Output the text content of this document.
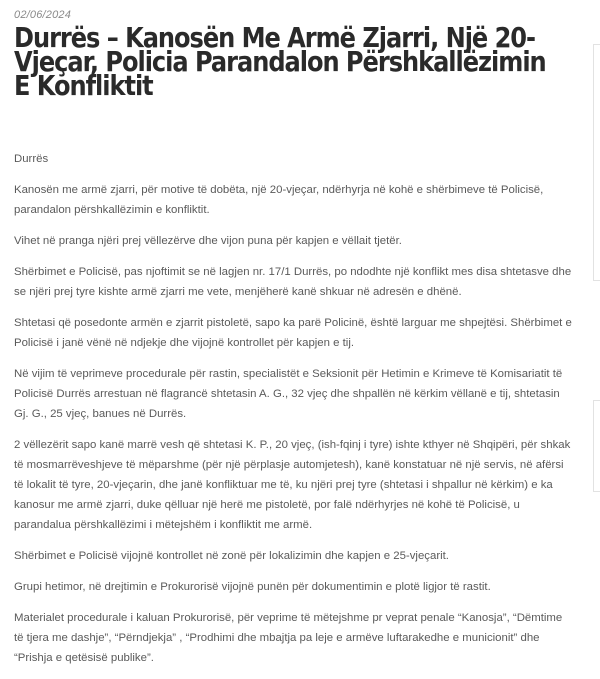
02/06/2024
Durrës – Kanosën Me Armë Zjarri, Një 20-
Vjeçar, Policia Parandalon Përshkallëzimin
E Konfliktit

Durrës

Kanosën me armë zjarri, për motive të dobëta, një 20-vjeçar, ndërhyrja në kohë e shërbimeve të Policisë, parandalon përshkallëzimin e konfliktit.

Vihet në pranga njëri prej vëllezërve dhe vijon puna për kapjen e vëllait tjetër.

Shërbimet e Policisë, pas njoftimit se në lagjen nr. 17/1 Durrës, po ndodhte një konflikt mes disa shtetasve dhe se njëri prej tyre kishte armë zjarri me vete, menjëherë kanë shkuar në adresën e dhënë.

Shtetasi që posedonte armën e zjarrit pistoletë, sapo ka parë Policinë, është larguar me shpejtësi. Shërbimet e Policisë i janë vënë në ndjekje dhe vijojnë kontrollet për kapjen e tij.

Në vijim të veprimeve procedurale për rastin, specialistët e Seksionit për Hetimin e Krimeve të Komisariatit të Policisë Durrës arrestuan në flagrancë shtetasin A. G., 32 vjeç dhe shpallën në kërkim vëllanë e tij, shtetasin Gj. G., 25 vjeç, banues në Durrës.

2 vëllezërit sapo kanë marrë vesh që shtetasi K. P., 20 vjeç, (ish-fqinj i tyre) ishte kthyer në Shqipëri, për shkak të mosmarrëveshjeve të mëparshme (për një përplasje automjetesh), kanë konstatuar në një servis, në afërsi të lokalit të tyre, 20-vjeçarin, dhe janë konfliktuar me të, ku njëri prej tyre (shtetasi i shpallur në kërkim) e ka kanosur me armë zjarri, duke qëlluar një herë me pistoletë, por falë ndërhyrjes në kohë të Policisë, u parandalua përshkallëzimi i mëtejshëm i konfliktit me armë.

Shërbimet e Policisë vijojnë kontrollet në zonë për lokalizimin dhe kapjen e 25-vjeçarit.

Grupi hetimor, në drejtimin e Prokurorisë vijojnë punën për dokumentimin e plotë ligjor të rastit.

Materialet procedurale i kaluan Prokurorisë, për veprime të mëtejshme pr veprat penale “Kanosja”, “Dëmtime të tjera me dashje”, “Përndjekja” , “Prodhimi dhe mbajtja pa leje e armëve luftarakedhe e municionit” dhe “Prishja e qetësisë publike”.
